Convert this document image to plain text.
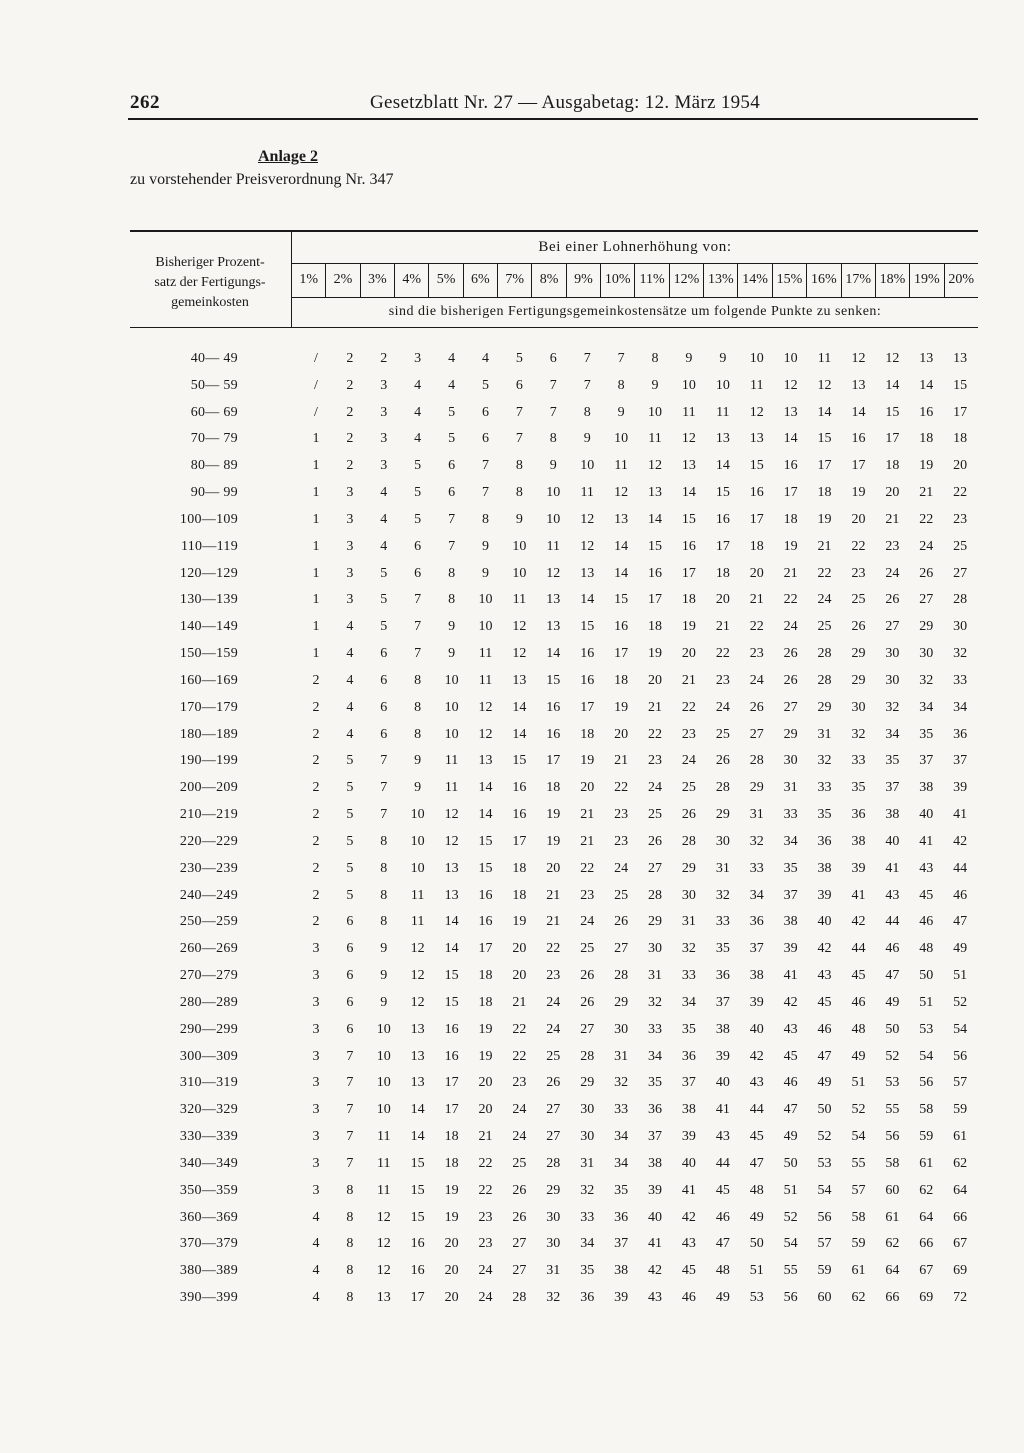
262	Gesetzblatt Nr. 27 — Ausgabetag: 12. März 1954
Anlage 2
zu vorstehender Preisverordnung Nr. 347
Bisheriger Prozent-
satz der Fertigungs-
gemeinkosten
Bei einer Lohnerhöhung von:
1%	2%	3%	4%	5%	6%	7%	8%	9% 10% 11% 12% 13% 14% 15% 16% 17% 18% 19% 20%
sind die bisherigen Fertigungsgemeinkostensätze um folgende Punkte zu senken:
40— 49	/	2	2	3	4	4	5	6	7	7	8	9	9	10	10	11	12	12	13	13
50— 59	/	2	3	4	4	5	6	7	7	8	9	10	10	11	12	12	13	14	14	15
60— 69	/	2	3	4	5	6	7	7	8	9	10	11	11	12	13	14	14	15	16	17
70— 79	1	2	3	4	5	6	7	8	9	10	11	12	13	13	14	15	16	17	18	18
80— 89	1	2	3	5	6	7	8	9	10	11	12	13	14	15	16	17	17	18	19	20
90— 99	1	3	4	5	6	7	8	10	11	12	13	14	15	16	17	18	19	20	21	22
100—109	1	3	4	5	7	8	9	10	12	13	14	15	16	17	18	19	20	21	22	23
110—119	1	3	4	6	7	9	10	11	12	14	15	16	17	18	19	21	22	23	24	25
120—129	1	3	5	6	8	9	10	12	13	14	16	17	18	20	21	22	23	24	26	27
130—139	1	3	5	7	8	10	11	13	14	15	17	18	20	21	22	24	25	26	27	28
140—149	1	4	5	7	9	10	12	13	15	16	18	19	21	22	24	25	26	27	29	30
150—159	1	4	6	7	9	11	12	14	16	17	19	20	22	23	26	28	29	30	30	32
160—169	2	4	6	8	10	11	13	15	16	18	20	21	23	24	26	28	29	30	32	33
170—179	2	4	6	8	10	12	14	16	17	19	21	22	24	26	27	29	30	32	34	34
180—189	2	4	6	8	10	12	14	16	18	20	22	23	25	27	29	31	32	34	35	36
190—199	2	5	7	9	11	13	15	17	19	21	23	24	26	28	30	32	33	35	37	37
200—209	2	5	7	9	11	14	16	18	20	22	24	25	28	29	31	33	35	37	38	39
210—219	2	5	7	10	12	14	16	19	21	23	25	26	29	31	33	35	36	38	40	41
220—229	2	5	8	10	12	15	17	19	21	23	26	28	30	32	34	36	38	40	41	42
230—239	2	5	8	10	13	15	18	20	22	24	27	29	31	33	35	38	39	41	43	44
240—249	2	5	8	11	13	16	18	21	23	25	28	30	32	34	37	39	41	43	45	46
250—259	2	6	8	11	14	16	19	21	24	26	29	31	33	36	38	40	42	44	46	47
260—269	3	6	9	12	14	17	20	22	25	27	30	32	35	37	39	42	44	46	48	49
270—279	3	6	9	12	15	18	20	23	26	28	31	33	36	38	41	43	45	47	50	51
280—289	3	6	9	12	15	18	21	24	26	29	32	34	37	39	42	45	46	49	51	52
290—299	3	6	10	13	16	19	22	24	27	30	33	35	38	40	43	46	48	50	53	54
300—309	3	7	10	13	16	19	22	25	28	31	34	36	39	42	45	47	49	52	54	56
310—319	3	7	10	13	17	20	23	26	29	32	35	37	40	43	46	49	51	53	56	57
320—329	3	7	10	14	17	20	24	27	30	33	36	38	41	44	47	50	52	55	58	59
330—339	3	7	11	14	18	21	24	27	30	34	37	39	43	45	49	52	54	56	59	61
340—349	3	7	11	15	18	22	25	28	31	34	38	40	44	47	50	53	55	58	61	62
350—359	3	8	11	15	19	22	26	29	32	35	39	41	45	48	51	54	57	60	62	64
360—369	4	8	12	15	19	23	26	30	33	36	40	42	46	49	52	56	58	61	64	66
370—379	4	8	12	16	20	23	27	30	34	37	41	43	47	50	54	57	59	62	66	67
380—389	4	8	12	16	20	24	27	31	35	38	42	45	48	51	55	59	61	64	67	69
390—399	4	8	13	17	20	24	28	32	36	39	43	46	49	53	56	60	62	66	69	72
